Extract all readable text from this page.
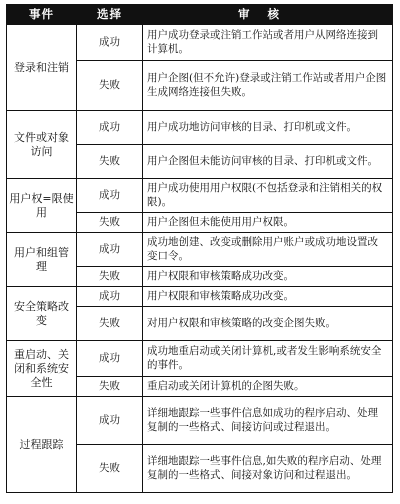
事件	选择	审核
登录和注销	成功	用户成功登录或注销工作站或者用户从网络连接到计算机。
	失败	用户企图(但不允许)登录或注销工作站或者用户企图生成网络连接但失败。
文件或对象访问	成功	用户成功地访问审核的目录、打印机或文件。
	失败	用户企图但未能访问审核的目录、打印机或文件。
用户权=限使用	成功	用户成功使用用户权限(不包括登录和注销相关的权限)。
	失败	用户企图但未能使用用户权限。
用户和组管理	成功	成功地创建、改变或删除用户账户或成功地设置改变口令。
	失败	用户权限和审核策略成功改变。
安全策略改变	成功	用户权限和审核策略成功改变。
	失败	对用户权限和审核策略的改变企图失败。
重启动、关闭和系统安全性	成功	成功地重启动或关闭计算机,或者发生影响系统安全的事件。
	失败	重启动或关闭计算机的企图失败。
过程跟踪	成功	详细地跟踪一些事件信息如成功的程序启动、处理复制的一些格式、间接访问或过程退出。
	失败	详细地跟踪一些事件信息,如失败的程序启动、处理复制的一些格式、间接对象访问和过程退出。
